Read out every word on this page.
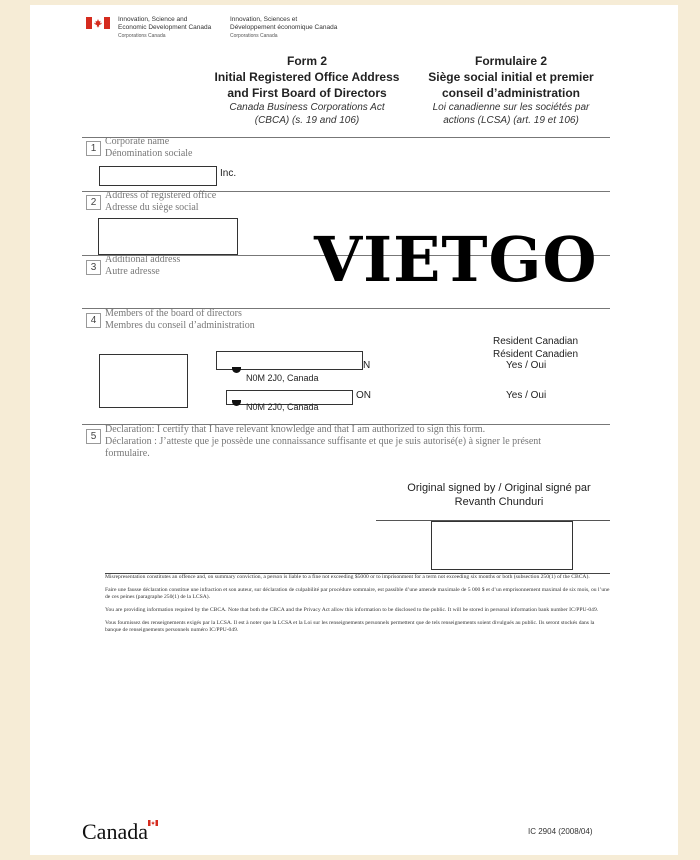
Innovation, Science and
Economic Development Canada
Corporations Canada
Innovation, Sciences et
Développement économique Canada
Corporations Canada
Form 2
Initial Registered Office Address
and First Board of Directors
Canada Business Corporations Act
(CBCA) (s. 19 and 106)
Formulaire 2
Siège social initial et premier
conseil d’administration
Loi canadienne sur les sociétés par
actions (LCSA) (art. 19 et 106)
1
Corporate name
Dénomination sociale
Inc.
2
Address of registered office
Adresse du siège social
3
Additional address
Autre adresse	VIETGO
4
Members of the board of directors
Membres du conseil d’administration
Resident Canadian
Résident Canadien
N
N0M 2J0, Canada
Yes / Oui
ON
N0M 2J0, Canada
Yes / Oui
5
Declaration: I certify that I have relevant knowledge and that I am authorized to sign this form.
Déclaration : J’atteste que je possède une connaissance suffisante et que je suis autorisé(e) à signer le présent
formulaire.
Original signed by / Original signé par
Revanth Chunduri
Misrepresentation constitutes an offence and, on summary conviction, a person is liable to a fine not exceeding $5000 or to imprisonment for a term not exceeding six months or both (subsection 250(1) of the CBCA).
Faire une fausse déclaration constitue une infraction et son auteur, sur déclaration de culpabilité par procédure sommaire, est passible d’une amende maximale de 5 000 $ et d’un emprisonnement maximal de six mois, ou l’une de ces peines (paragraphe 250(1) de la LCSA).
You are providing information required by the CBCA. Note that both the CBCA and the Privacy Act allow this information to be disclosed to the public. It will be stored in personal information bank number IC/PPU-049.
Vous fournissez des renseignements exigés par la LCSA. Il est à noter que la LCSA et la Loi sur les renseignements personnels permettent que de tels renseignements soient divulgués au public. Ils seront stockés dans la banque de renseignements personnels numéro IC/PPU-049.
Canada	IC 2904 (2008/04)
